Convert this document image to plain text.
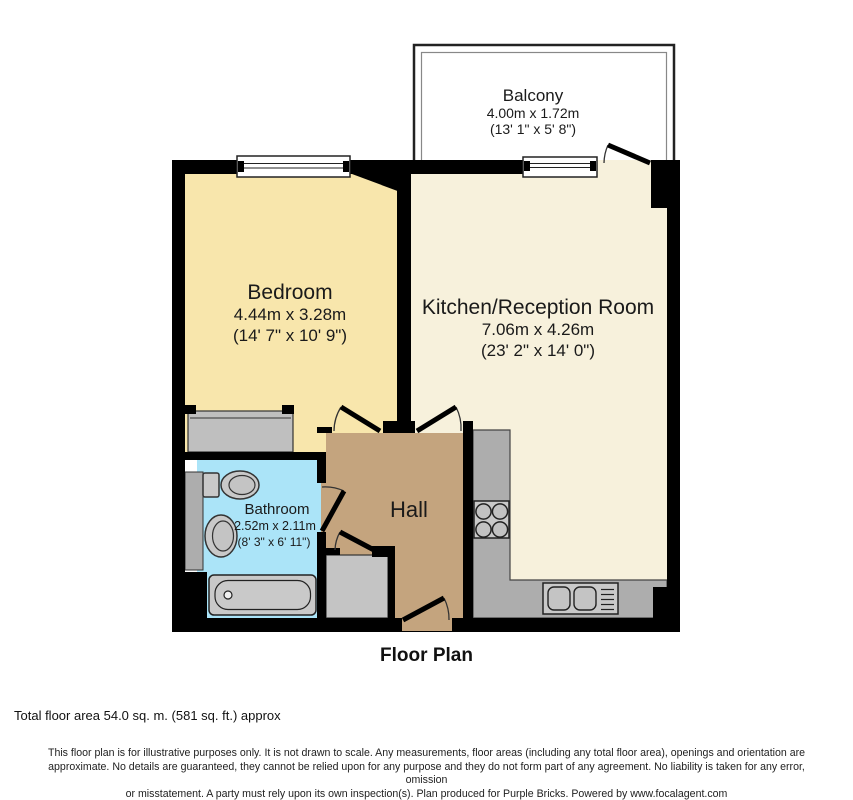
Balcony
4.00m x 1.72m
(13' 1" x 5' 8")
Bedroom
4.44m x 3.28m
(14' 7" x 10' 9")
Kitchen/Reception Room
7.06m x 4.26m
(23' 2" x 14' 0")
Bathroom
2.52m x 2.11m
(8' 3" x 6' 11")
Hall
Floor Plan
Total floor area 54.0 sq. m. (581 sq. ft.) approx
This floor plan is for illustrative purposes only. It is not drawn to scale. Any measurements, floor areas (including any total floor area), openings and orientation are
approximate. No details are guaranteed, they cannot be relied upon for any purpose and they do not form part of any agreement. No liability is taken for any error, omission
or misstatement. A party must rely upon its own inspection(s). Plan produced for Purple Bricks. Powered by www.focalagent.com
